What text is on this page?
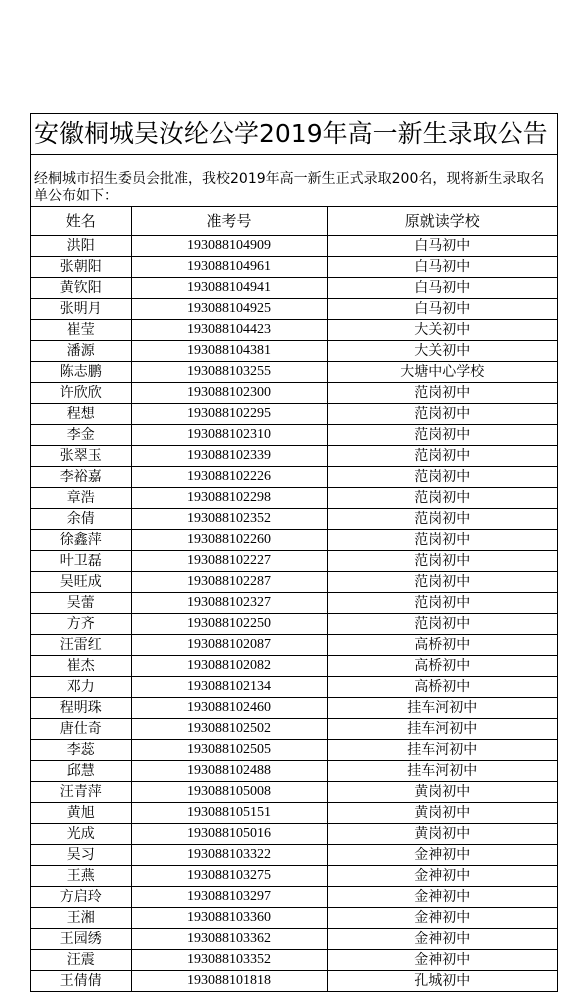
安徽桐城吴汝纶公学2019年高一新生录取公告
经桐城市招生委员会批准，我校2019年高一新生正式录取200名，现将新生录取名单公布如下：
姓名	准考号	原就读学校
洪阳	193088104909	白马初中
张朝阳	193088104961	白马初中
黄钦阳	193088104941	白马初中
张明月	193088104925	白马初中
崔莹	193088104423	大关初中
潘源	193088104381	大关初中
陈志鹏	193088103255	大塘中心学校
许欣欣	193088102300	范岗初中
程想	193088102295	范岗初中
李金	193088102310	范岗初中
张翠玉	193088102339	范岗初中
李裕嘉	193088102226	范岗初中
章浩	193088102298	范岗初中
余倩	193088102352	范岗初中
徐鑫萍	193088102260	范岗初中
叶卫磊	193088102227	范岗初中
吴旺成	193088102287	范岗初中
吴蕾	193088102327	范岗初中
方齐	193088102250	范岗初中
汪雷红	193088102087	高桥初中
崔杰	193088102082	高桥初中
邓力	193088102134	高桥初中
程明珠	193088102460	挂车河初中
唐仕奇	193088102502	挂车河初中
李蕊	193088102505	挂车河初中
邱慧	193088102488	挂车河初中
汪青萍	193088105008	黄岗初中
黄旭	193088105151	黄岗初中
光成	193088105016	黄岗初中
吴习	193088103322	金神初中
王燕	193088103275	金神初中
方启玲	193088103297	金神初中
王湘	193088103360	金神初中
王园绣	193088103362	金神初中
汪震	193088103352	金神初中
王倩倩	193088101818	孔城初中
